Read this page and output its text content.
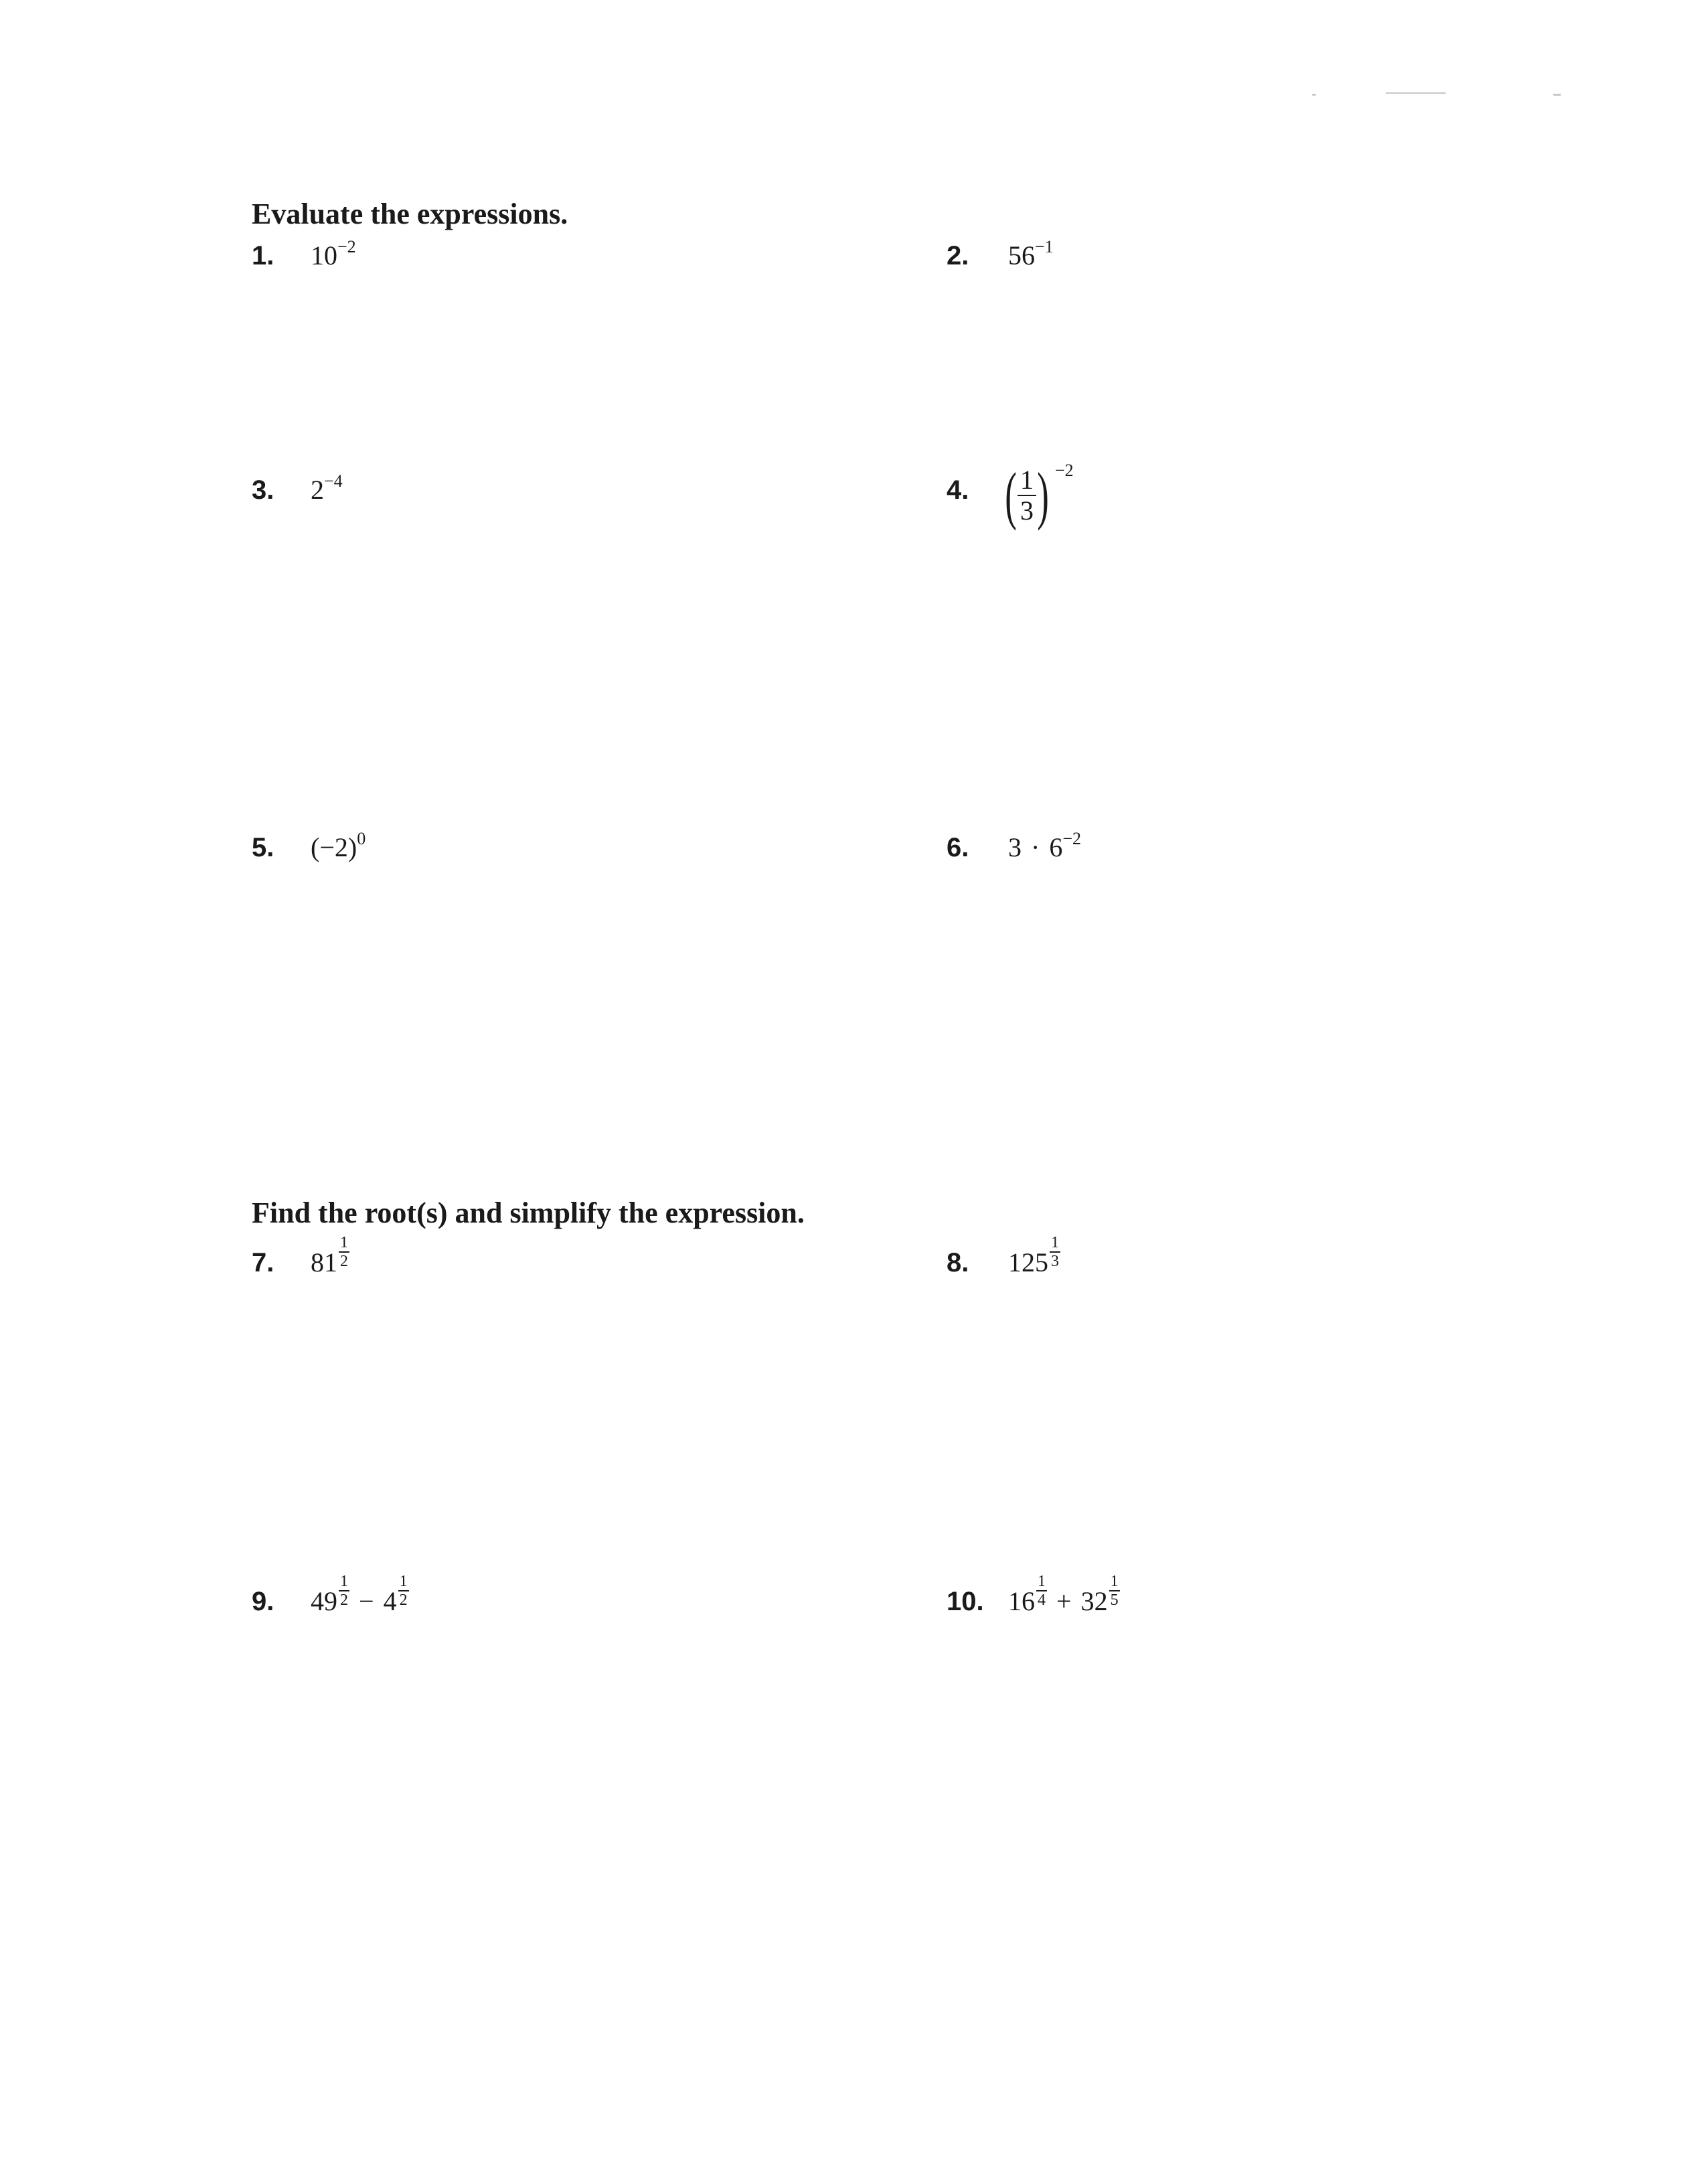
Evaluate the expressions.
1. $10^{-2}$	2. $56^{-1}$
3. $2^{-4}$	4. ( $\frac{1}{3}$ ) −2
5. $(-2)^0$	6. $3 \cdot 6^{-2}$
Find the root(s) and simplify the expression.
7. $81 \frac{1}{2}$	8. $125 \frac{1}{3}$
9. $49 \frac{1}{2} - 4 \frac{1}{2}$	10. $16 \frac{1}{4} + 32 \frac{1}{5}$
